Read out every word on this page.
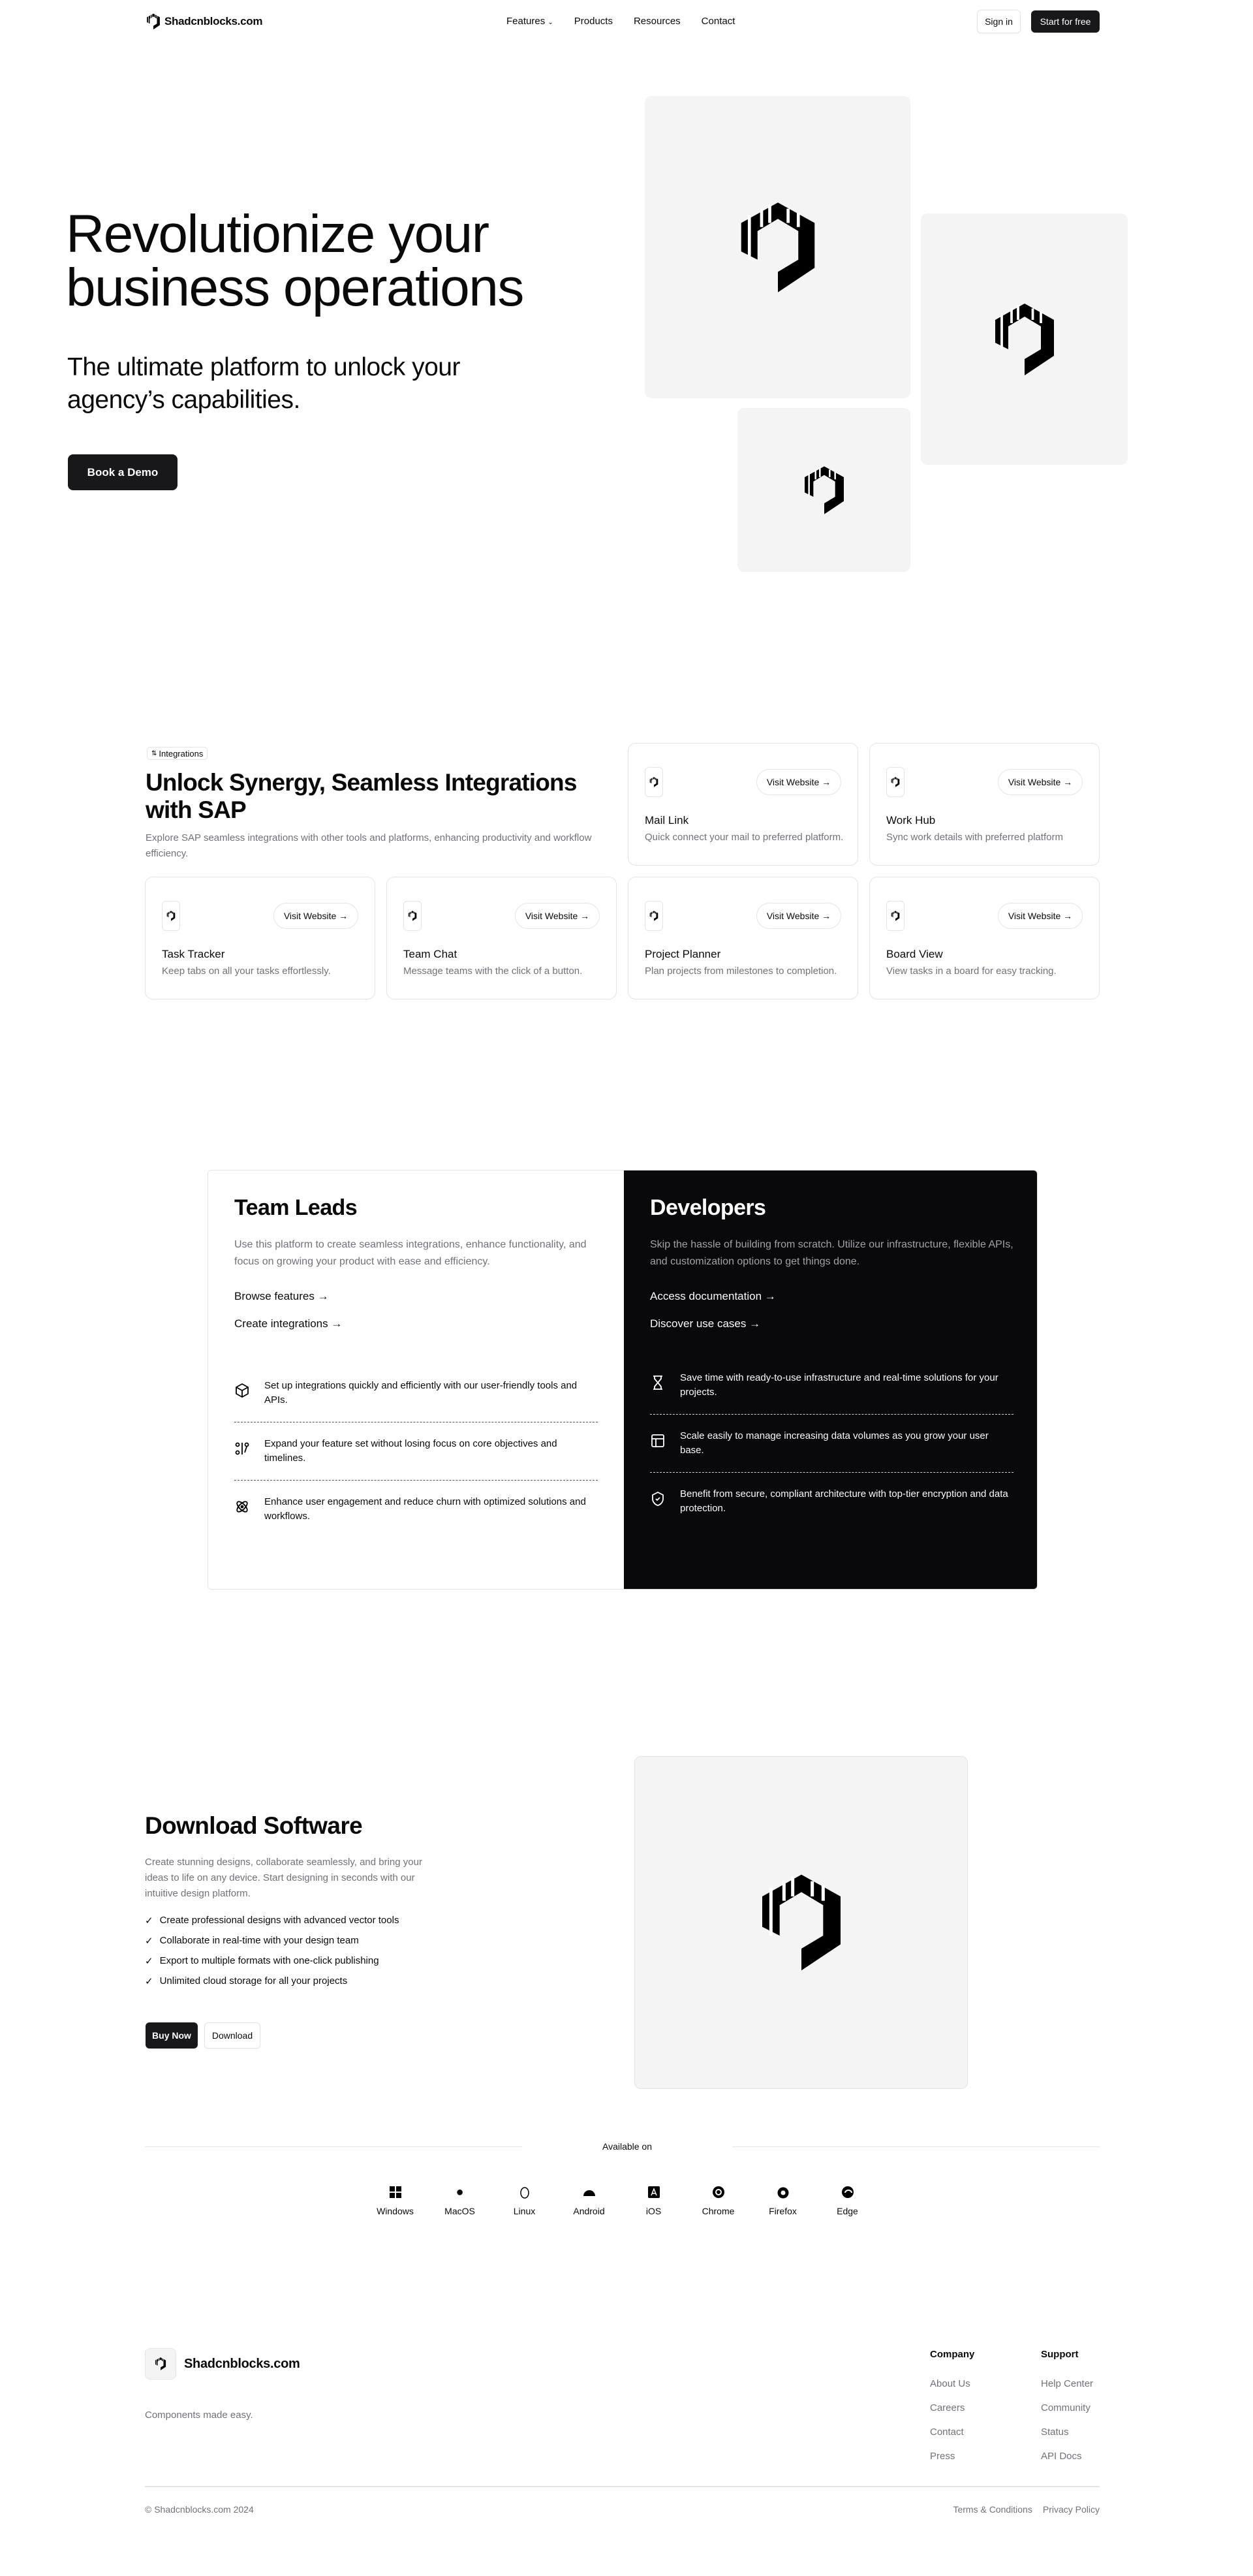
Shadcnblocks.com	Features ⌄ Products Resources Contact	Sign in	Start for free
Revolutionize your
business operations

The ultimate platform to unlock your agency’s capabilities.

Book a Demo
⇅ Integrations
Unlock Synergy, Seamless Integrations with SAP

Explore SAP seamless integrations with other tools and platforms, enhancing productivity and workflow efficiency.

Visit Website
→
Mail Link
Quick connect your mail to preferred platform.
Visit Website
→
Work Hub
Sync work details with preferred platform
Visit Website
→
Task Tracker
Keep tabs on all your tasks effortlessly.
Visit Website
→
Team Chat
Message teams with the click of a button.
Visit Website
→
Project Planner
Plan projects from milestones to completion.
Visit Website
→
Board View
View tasks in a board for easy tracking.
Team Leads

Use this platform to create seamless integrations, enhance functionality, and focus on growing your product with ease and efficiency.

Browse features →
Create integrations →
Set up integrations quickly and efficiently with our user-friendly tools and APIs.
Expand your feature set without losing focus on core objectives and timelines.
Enhance user engagement and reduce churn with optimized solutions and workflows.
Developers

Skip the hassle of building from scratch. Utilize our infrastructure, flexible APIs, and customization options to get things done.

Access documentation →
Discover use cases →
Save time with ready-to-use infrastructure and real-time solutions for your projects.
Scale easily to manage increasing data volumes as you grow your user base.
Benefit from secure, compliant architecture with top-tier encryption and data protection.
Download Software

Create stunning designs, collaborate seamlessly, and bring your ideas to life on any device. Start designing in seconds with our intuitive design platform.

✓ Create professional designs with advanced vector tools
✓ Collaborate in real-time with your design team
✓ Export to multiple formats with one-click publishing
✓ Unlimited cloud storage for all your projects
Buy Now	Download
Available on
Windows
●
MacOS	Linux	Android	iOS	Chrome	Firefox	Edge
Shadcnblocks.com

Components made easy.

Company
About Us
Careers
Contact
Press
Support
Help Center
Community
Status
API Docs
© Shadcnblocks.com 2024	Terms & Conditions Privacy Policy
